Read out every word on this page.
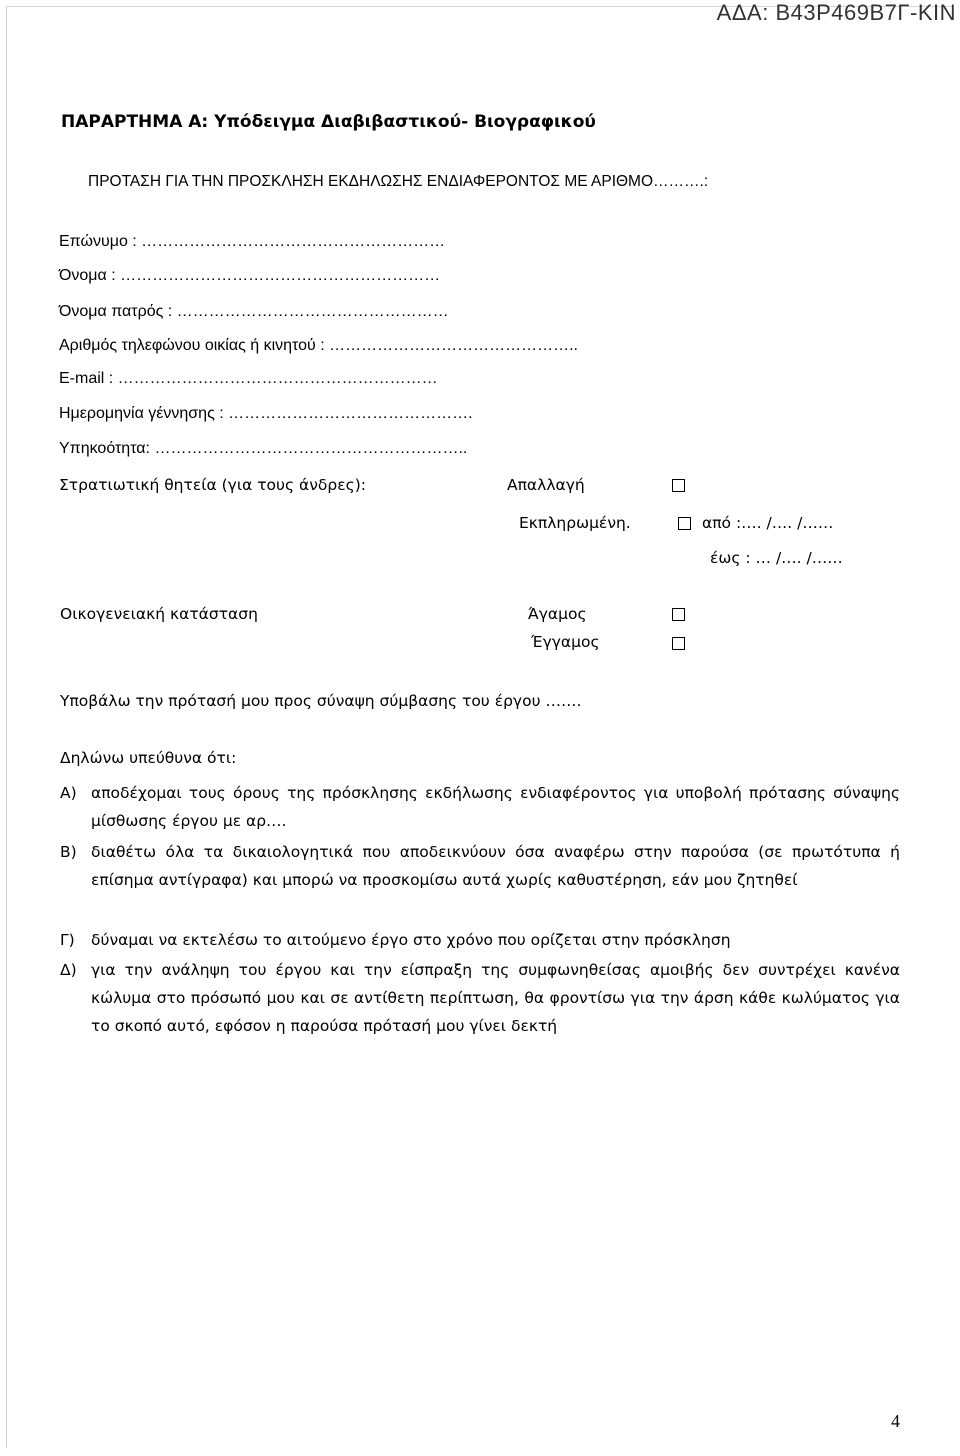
ΑΔΑ: Β43Ρ469Β7Γ-ΚΙΝ
ΠΑΡΑΡΤΗΜΑ Α: Υπόδειγμα Διαβιβαστικού- Βιογραφικού
ΠΡΟΤΑΣΗ ΓΙΑ ΤΗΝ ΠΡΟΣΚΛΗΣΗ ΕΚΔΗΛΩΣΗΣ ΕΝΔΙΑΦΕΡΟΝΤΟΣ ΜΕ ΑΡΙΘΜΟ……….:
Επώνυμο : …………………………………………………
Όνομα : ……………………………………………………
Όνομα πατρός : ……………………………………………
Αριθμός τηλεφώνου οικίας ή κινητού : ………………………………………..
E-mail : ……………………………………………………
Ημερομηνία γέννησης : ……………………………………….
Υπηκοότητα: …………………………………………………..
Στρατιωτική θητεία (για τους άνδρες):	Απαλλαγή
Εκπληρωμένη.	από :…. /…. /……
έως : … /…. /……
Οικογενειακή κατάσταση	Άγαμος
Έγγαμος
Υποβάλω την πρότασή μου προς σύναψη σύμβασης του έργου …….
Δηλώνω υπεύθυνα ότι:
Α) αποδέχομαι τους όρους της πρόσκλησης εκδήλωσης ενδιαφέροντος για υποβολή πρότασης σύναψης μίσθωσης έργου με αρ….
Β) διαθέτω όλα τα δικαιολογητικά που αποδεικνύουν όσα αναφέρω στην παρούσα (σε πρωτότυπα ή επίσημα αντίγραφα) και μπορώ να προσκομίσω αυτά χωρίς καθυστέρηση, εάν μου ζητηθεί
Γ) δύναμαι να εκτελέσω το αιτούμενο έργο στο χρόνο που ορίζεται στην πρόσκληση
Δ) για την ανάληψη του έργου και την είσπραξη της συμφωνηθείσας αμοιβής δεν συντρέχει κανένα κώλυμα στο πρόσωπό μου και σε αντίθετη περίπτωση, θα φροντίσω για την άρση κάθε κωλύματος για το σκοπό αυτό, εφόσον η παρούσα πρότασή μου γίνει δεκτή
4
